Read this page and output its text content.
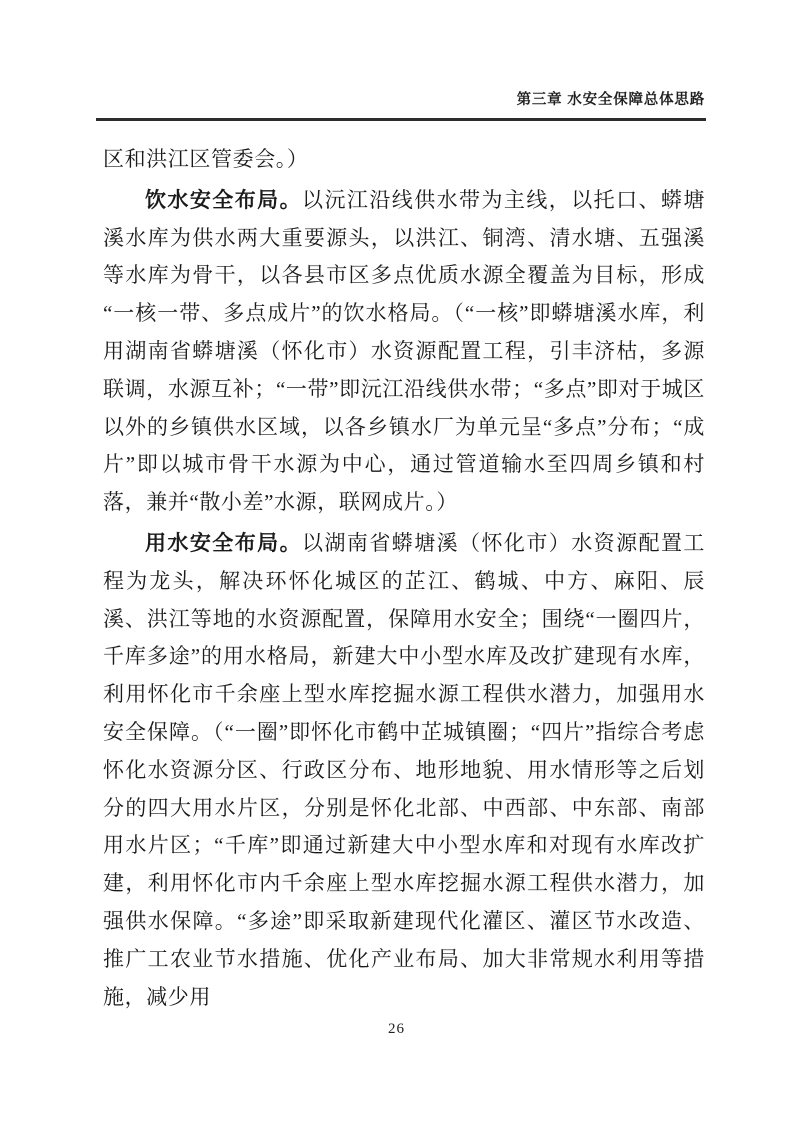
第三章 水安全保障总体思路

区和洪江区管委会。）

饮水安全布局。以沅江沿线供水带为主线，以托口、蟒塘溪水库为供水两大重要源头，以洪江、铜湾、清水塘、五强溪等水库为骨干，以各县市区多点优质水源全覆盖为目标，形成“一核一带、多点成片”的饮水格局。（“一核”即蟒塘溪水库，利用湖南省蟒塘溪（怀化市）水资源配置工程，引丰济枯，多源联调，水源互补；“一带”即沅江沿线供水带；“多点”即对于城区以外的乡镇供水区域，以各乡镇水厂为单元呈“多点”分布；“成片”即以城市骨干水源为中心，通过管道输水至四周乡镇和村落，兼并“散小差”水源，联网成片。）

用水安全布局。以湖南省蟒塘溪（怀化市）水资源配置工程为龙头，解决环怀化城区的芷江、鹤城、中方、麻阳、辰溪、洪江等地的水资源配置，保障用水安全；围绕“一圈四片，千库多途”的用水格局，新建大中小型水库及改扩建现有水库，利用怀化市千余座上型水库挖掘水源工程供水潜力，加强用水安全保障。（“一圈”即怀化市鹤中芷城镇圈；“四片”指综合考虑怀化水资源分区、行政区分布、地形地貌、用水情形等之后划分的四大用水片区，分别是怀化北部、中西部、中东部、南部用水片区；“千库”即通过新建大中小型水库和对现有水库改扩建，利用怀化市内千余座上型水库挖掘水源工程供水潜力，加强供水保障。“多途”即采取新建现代化灌区、灌区节水改造、推广工农业节水措施、优化产业布局、加大非常规水利用等措施，减少用

26
